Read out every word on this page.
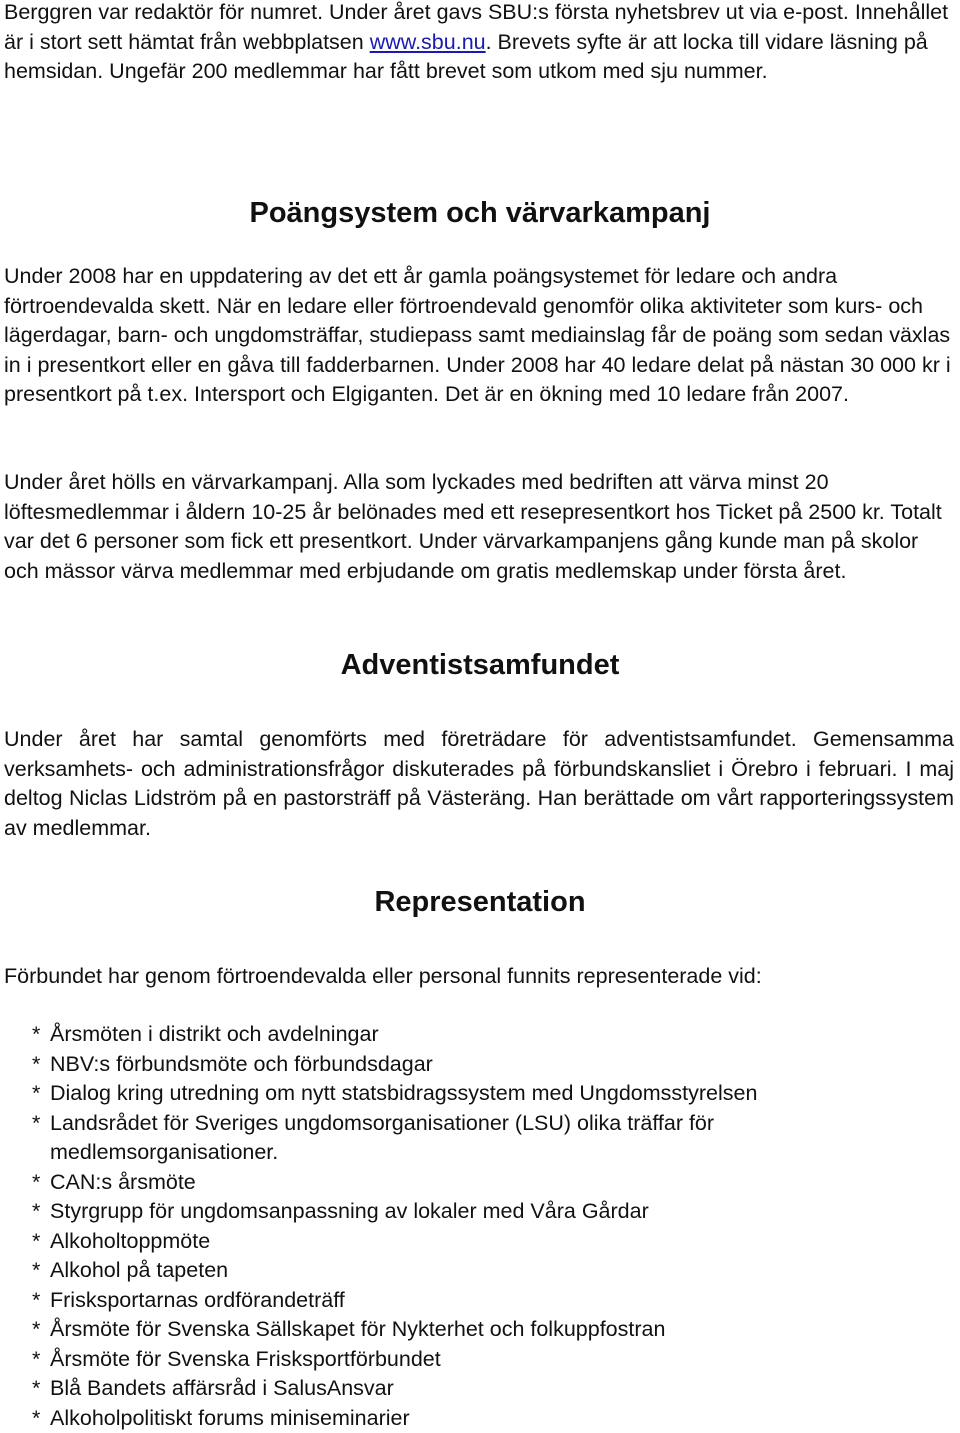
Berggren var redaktör för numret. Under året gavs SBU:s första nyhetsbrev ut via e-post. Innehållet är i stort sett hämtat från webbplatsen www.sbu.nu. Brevets syfte är att locka till vidare läsning på hemsidan. Ungefär 200 medlemmar har fått brevet som utkom med sju nummer.

Poängsystem och värvarkampanj

Under 2008 har en uppdatering av det ett år gamla poängsystemet för ledare och andra förtroendevalda skett. När en ledare eller förtroendevald genomför olika aktiviteter som kurs- och lägerdagar, barn- och ungdomsträffar, studiepass samt mediainslag får de poäng som sedan växlas in i presentkort eller en gåva till fadderbarnen. Under 2008 har 40 ledare delat på nästan 30 000 kr i presentkort på t.ex. Intersport och Elgiganten. Det är en ökning med 10 ledare från 2007.

Under året hölls en värvarkampanj. Alla som lyckades med bedriften att värva minst 20 löftesmedlemmar i åldern 10-25 år belönades med ett resepresentkort hos Ticket på 2500 kr. Totalt var det 6 personer som fick ett presentkort. Under värvarkampanjens gång kunde man på skolor och mässor värva medlemmar med erbjudande om gratis medlemskap under första året.

Adventistsamfundet

Under året har samtal genomförts med företrädare för adventistsamfundet. Gemensamma verksamhets- och administrationsfrågor diskuterades på förbundskansliet i Örebro i februari. I maj deltog Niclas Lidström på en pastorsträff på Västeräng. Han berättade om vårt rapporteringssystem av medlemmar.

Representation

Förbundet har genom förtroendevalda eller personal funnits representerade vid:

* Årsmöten i distrikt och avdelningar
* NBV:s förbundsmöte och förbundsdagar
* Dialog kring utredning om nytt statsbidragssystem med Ungdomsstyrelsen
* Landsrådet för Sveriges ungdomsorganisationer (LSU) olika träffar för medlemsorganisationer.
* CAN:s årsmöte
* Styrgrupp för ungdomsanpassning av lokaler med Våra Gårdar
* Alkoholtoppmöte
* Alkohol på tapeten
* Frisksportarnas ordförandeträff
* Årsmöte för Svenska Sällskapet för Nykterhet och folkuppfostran
* Årsmöte för Svenska Frisksportförbundet
* Blå Bandets affärsråd i SalusAnsvar
* Alkoholpolitiskt forums miniseminarier
